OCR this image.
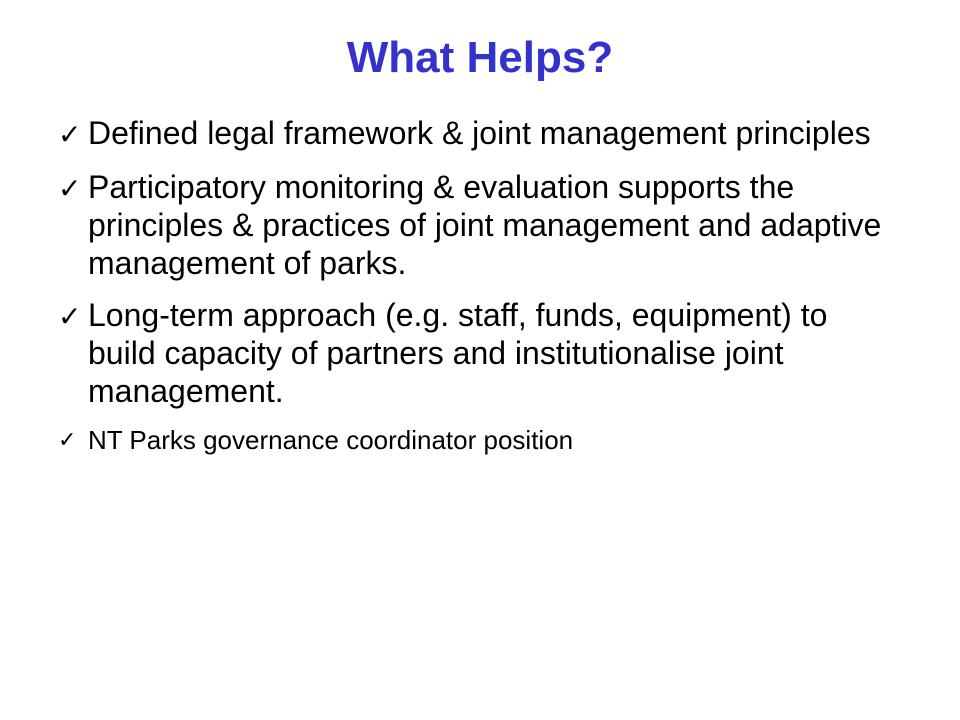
What Helps?
✓ Defined legal framework & joint management principles
✓ Participatory monitoring & evaluation supports the principles & practices of joint management and adaptive management of parks.
✓ Long-term approach (e.g. staff, funds, equipment) to build capacity of partners and institutionalise joint management.
✓ NT Parks governance coordinator position
